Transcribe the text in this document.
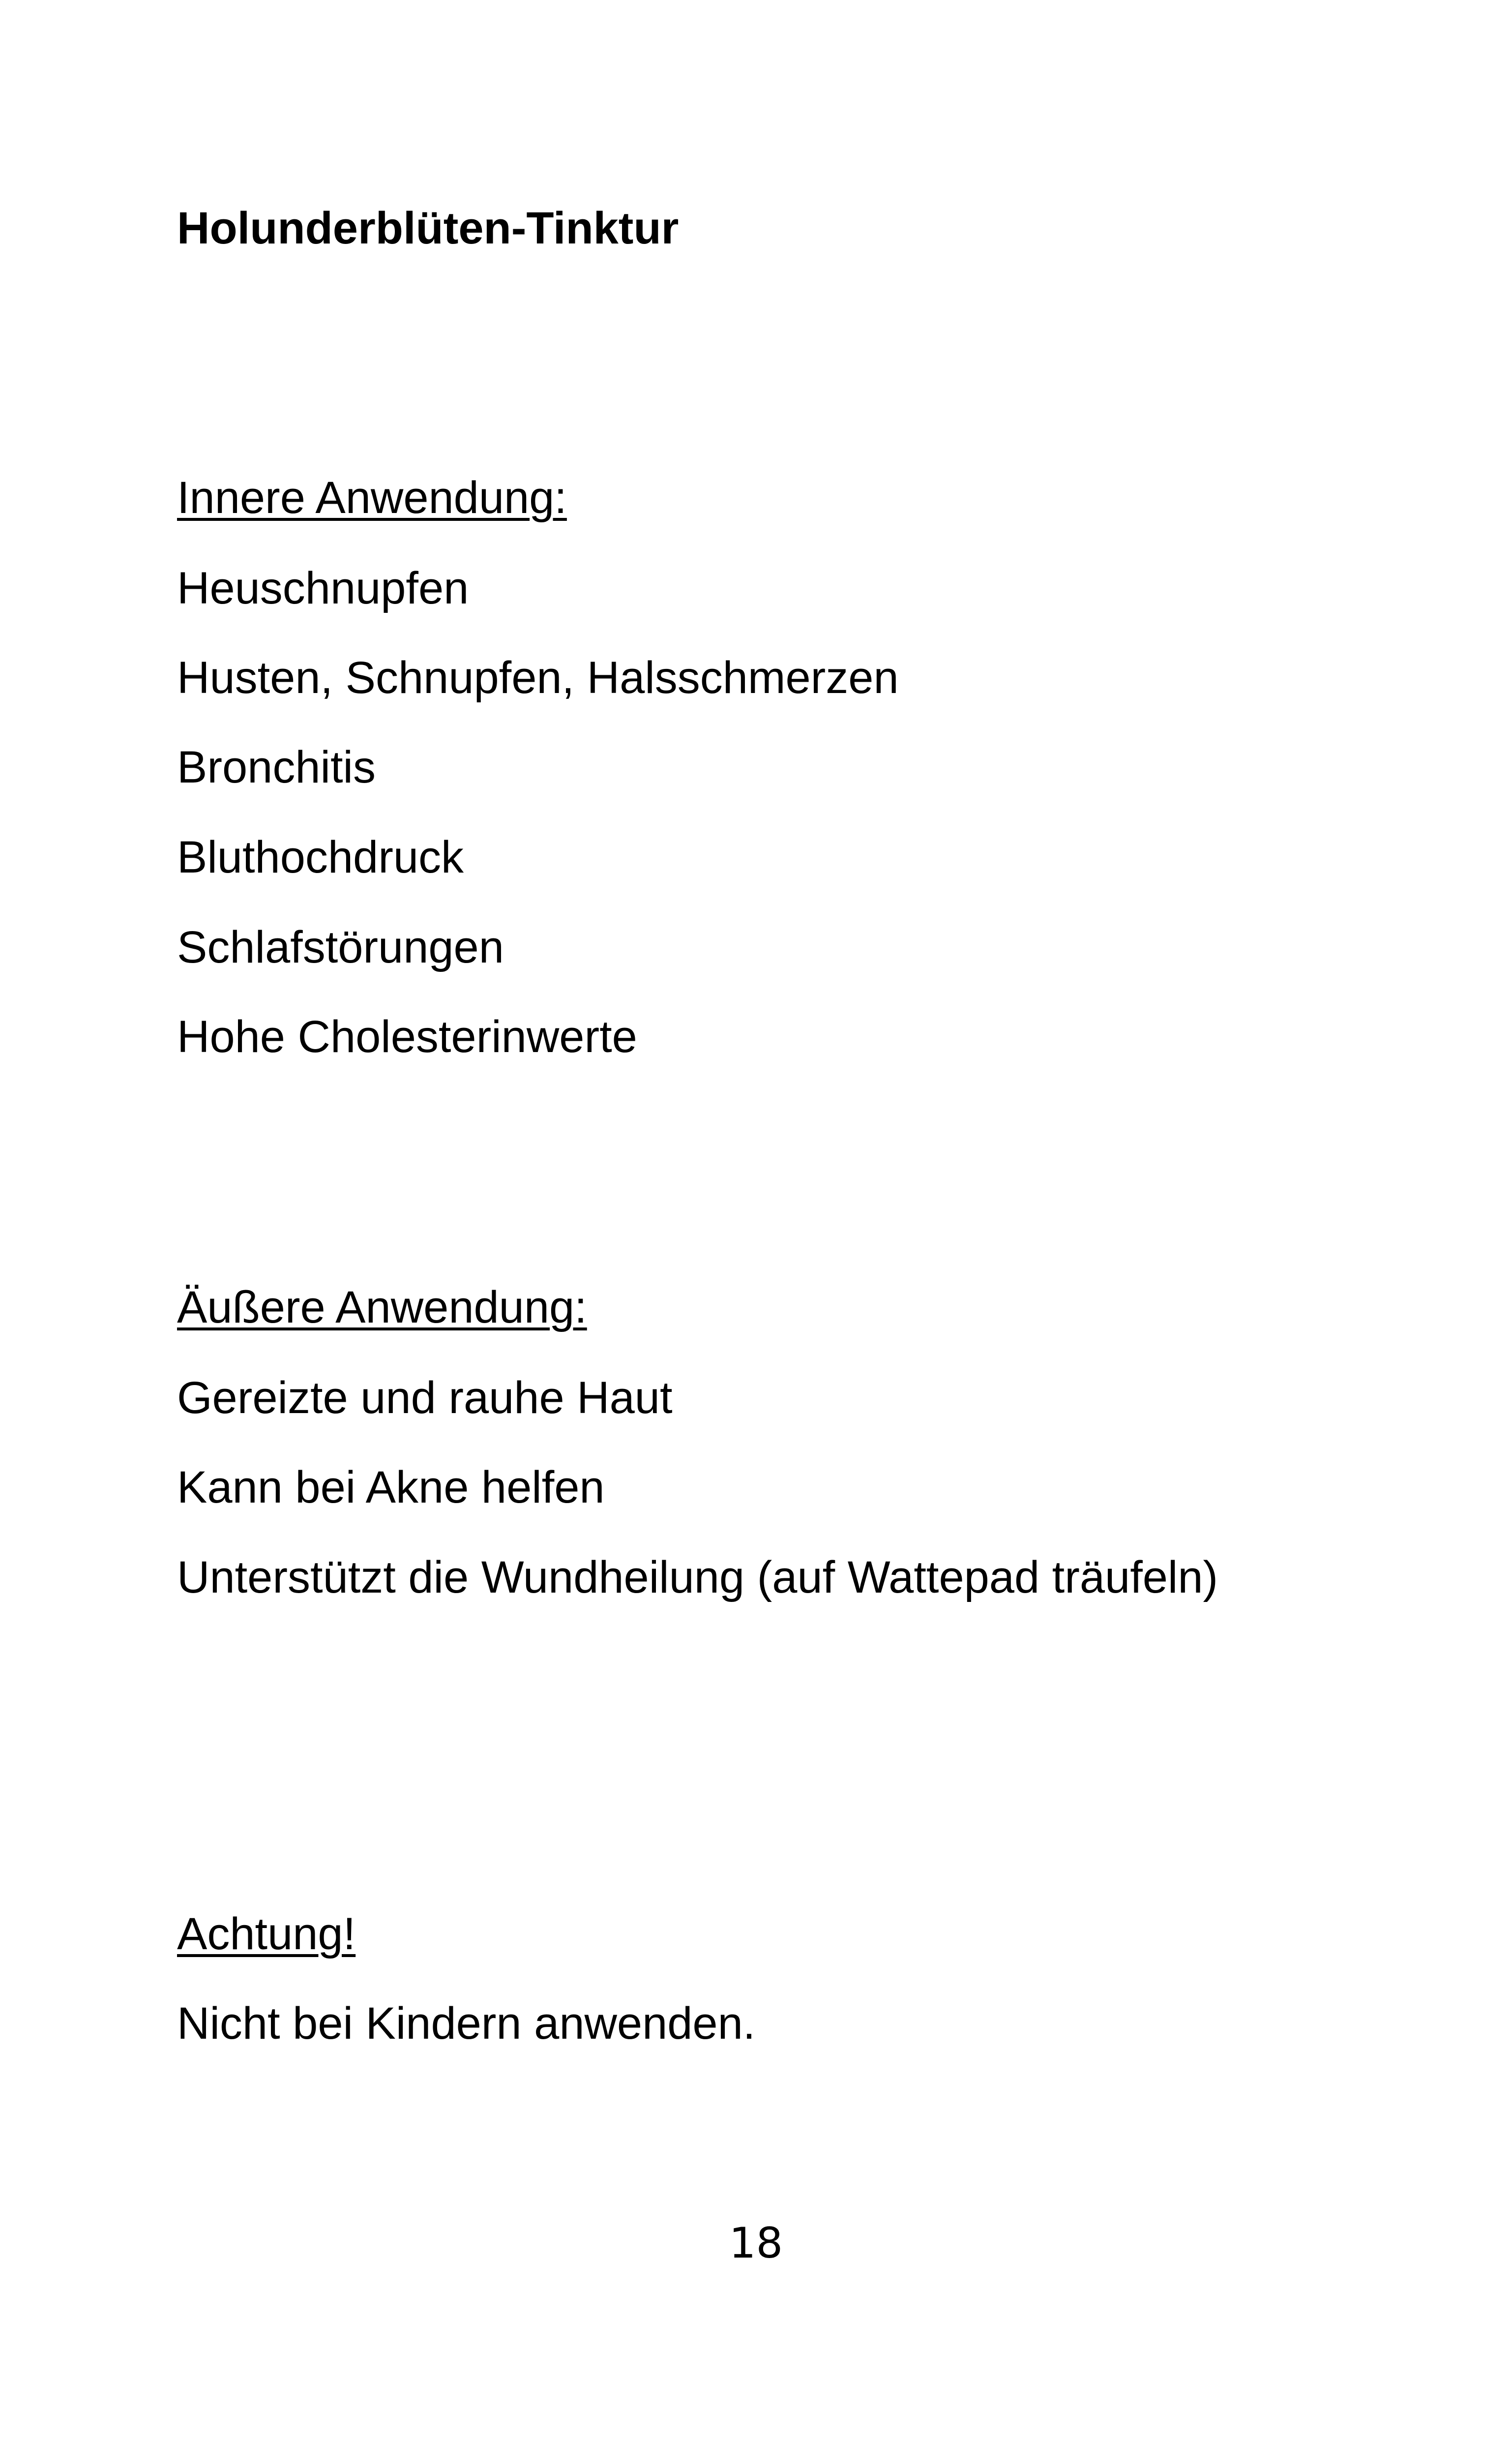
Holunderblüten-Tinktur
Innere Anwendung:
Heuschnupfen
Husten, Schnupfen, Halsschmerzen
Bronchitis
Bluthochdruck
Schlafstörungen
Hohe Cholesterinwerte
Äußere Anwendung:
Gereizte und rauhe Haut
Kann bei Akne helfen
Unterstützt die Wundheilung (auf Wattepad träufeln)
Achtung!
Nicht bei Kindern anwenden.
18
